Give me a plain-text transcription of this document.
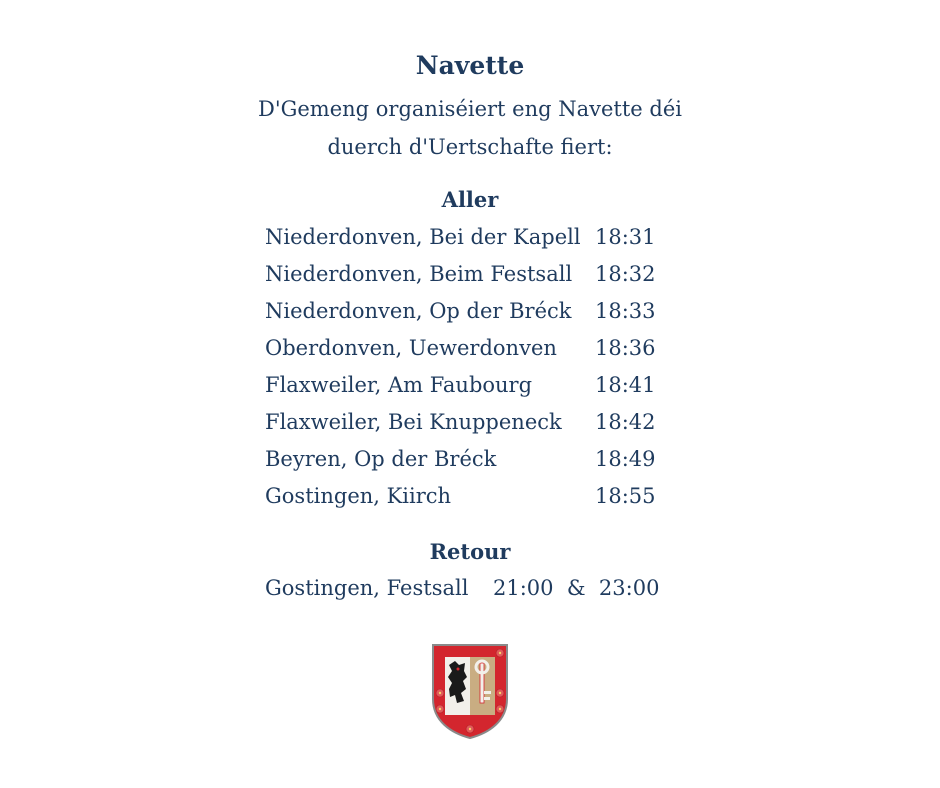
Navette
D'Gemeng organiséiert eng Navette déi
duerch d'Uertschafte fiert:
Aller
Niederdonven, Bei der Kapell 18:31
Niederdonven, Beim Festsall 18:32
Niederdonven, Op der Bréck 18:33
Oberdonven, Uewerdonven 18:36
Flaxweiler, Am Faubourg	18:41
Flaxweiler, Bei Knuppeneck 18:42
Beyren, Op der Bréck	18:49
Gostingen, Kiirch	18:55
Retour
Gostingen, Festsall 21:00  &  23:00
